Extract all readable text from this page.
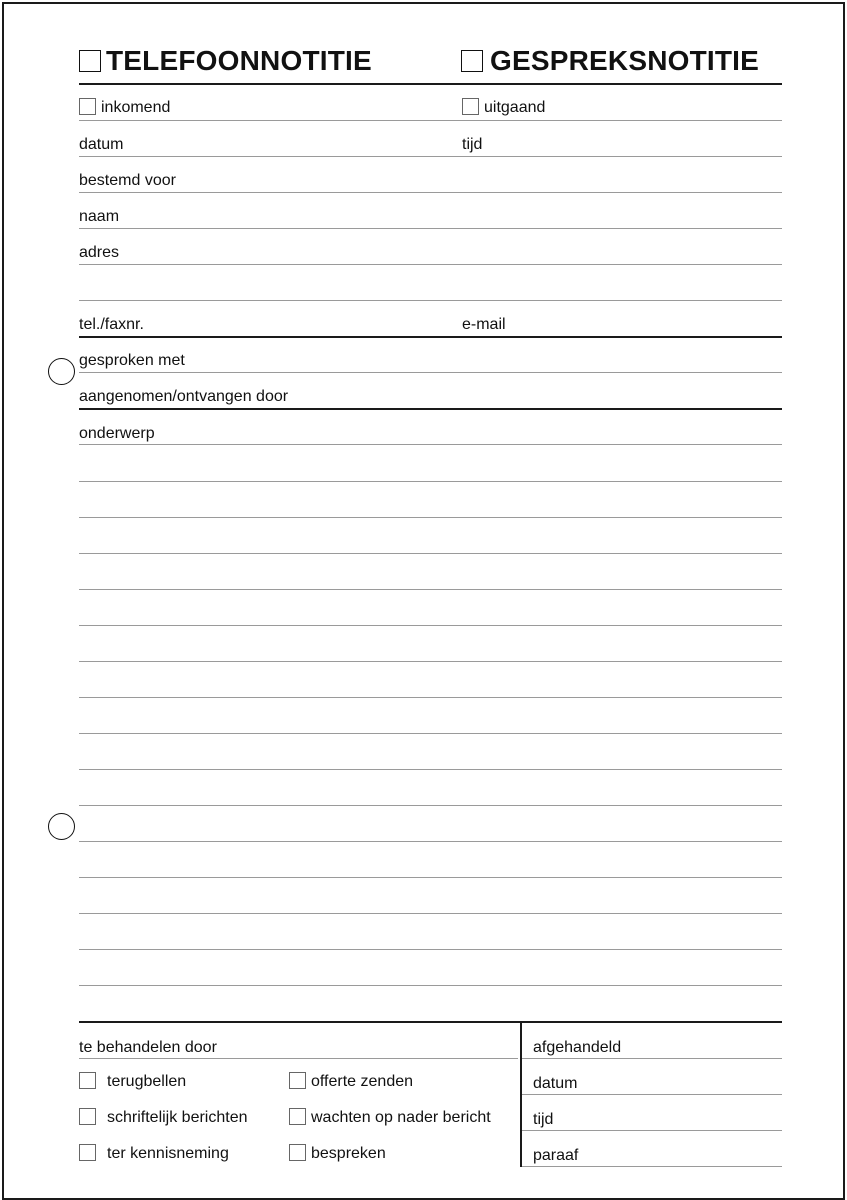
TELEFOONNOTITIE	GESPREKSNOTITIE
inkomend	uitgaand
datum	tijd
bestemd voor
naam
adres
tel./faxnr.	e-mail
gesproken met
aangenomen/ontvangen door
onderwerp
te behandelen door
terugbellen	offerte zenden
schriftelijk berichten	wachten op nader bericht
ter kennisneming	bespreken
afgehandeld
datum
tijd
paraaf
